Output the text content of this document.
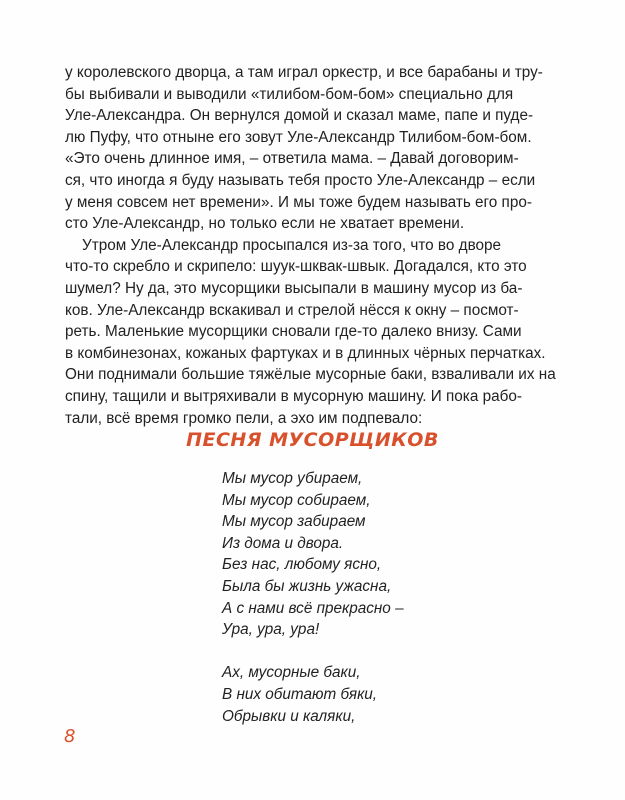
у королевского дворца, а там играл оркестр, и все барабаны и тру-
бы выбивали и выводили «тилибом-бом-бом» специально для
Уле-Александра. Он вернулся домой и сказал маме, папе и пуде-
лю Пуфу, что отныне его зовут Уле-Александр Тилибом-бом-бом.
«Это очень длинное имя, – ответила мама. – Давай договорим-
ся, что иногда я буду называть тебя просто Уле-Александр – если
у меня совсем нет времени». И мы тоже будем называть его про-
сто Уле-Александр, но только если не хватает времени.

Утром Уле-Александр просыпался из-за того, что во дворе
что-то скребло и скрипело: шуук-шквак-швык. Догадался, кто это
шумел? Ну да, это мусорщики высыпали в машину мусор из ба-
ков. Уле-Александр вскакивал и стрелой нёсся к окну – посмот-
реть. Маленькие мусорщики сновали где-то далеко внизу. Сами
в комбинезонах, кожаных фартуках и в длинных чёрных перчатках.
Они поднимали большие тяжёлые мусорные баки, взваливали их на
спину, тащили и вытряхивали в мусорную машину. И пока рабо-
тали, всё время громко пели, а эхо им подпевало:

ПЕСНЯ МУСОРЩИКОВ
Мы мусор убираем,
Мы мусор собираем,
Мы мусор забираем
Из дома и двора.
Без нас, любому ясно,
Была бы жизнь ужасна,
А с нами всё прекрасно –
Ура, ура, ура!
Ах, мусорные баки,
В них обитают бяки,
Обрывки и каляки,
8
